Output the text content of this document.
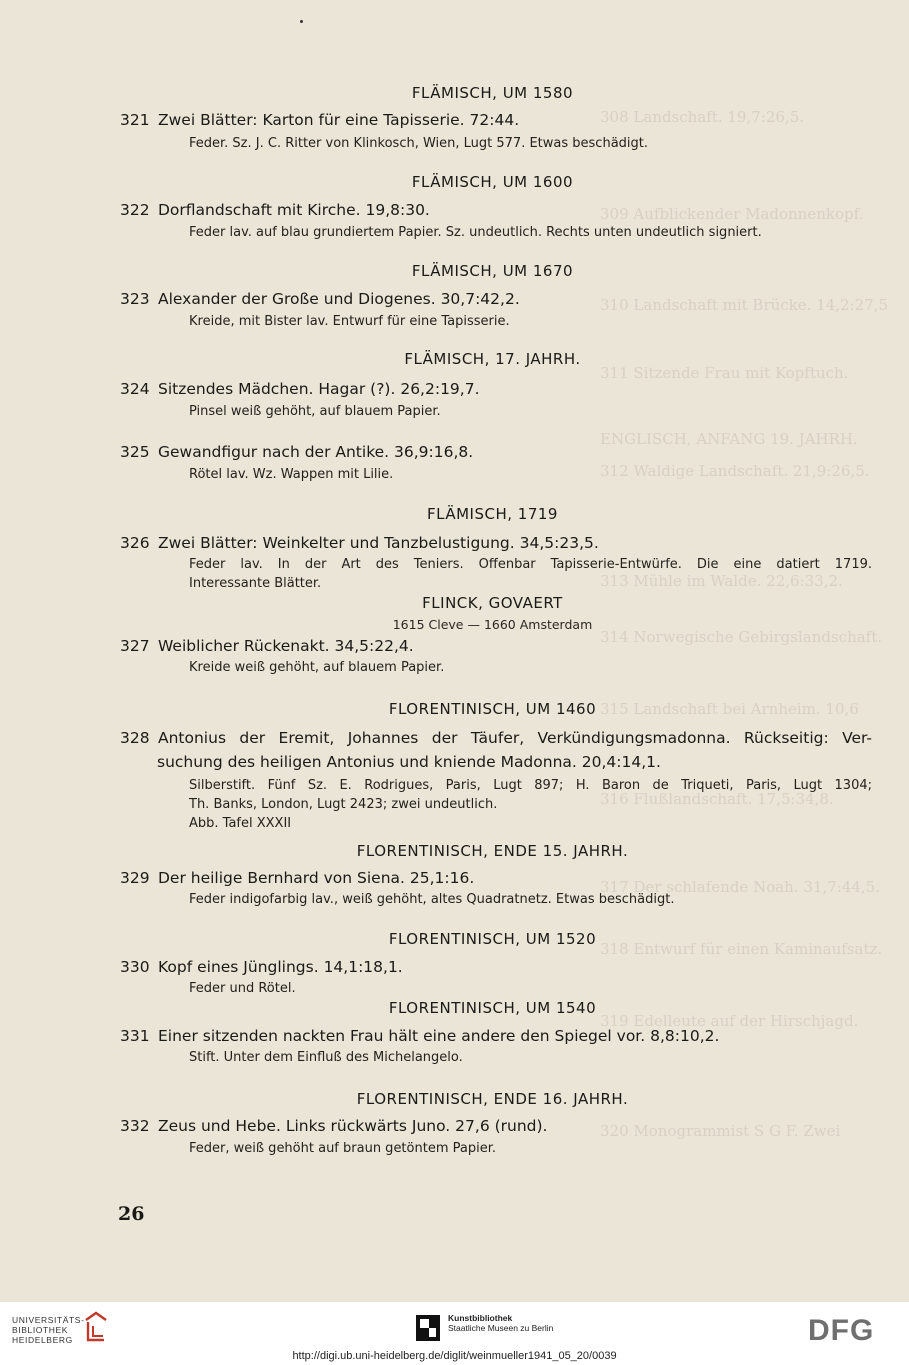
308 Landschaft. 19,7:26,5.
309 Aufblickender Madonnenkopf.
310 Landschaft mit Brücke. 14,2:27,5
311 Sitzende Frau mit Kopftuch.
ENGLISCH, ANFANG 19. JAHRH.
312 Waldige Landschaft. 21,9:26,5.
313 Mühle im Walde. 22,6:33,2.
314 Norwegische Gebirgslandschaft.
315 Landschaft bei Arnheim. 10,6
316 Flußlandschaft. 17,5:34,8.
317 Der schlafende Noah. 31,7:44,5.
318 Entwurf für einen Kaminaufsatz.
319 Edelleute auf der Hirschjagd.
320 Monogrammist S G F. Zwei
FLÄMISCH, UM 1580
321 Zwei Blätter: Karton für eine Tapisserie. 72:44.
Feder. Sz. J. C. Ritter von Klinkosch, Wien, Lugt 577. Etwas beschädigt.
FLÄMISCH, UM 1600
322 Dorflandschaft mit Kirche. 19,8:30.
Feder lav. auf blau grundiertem Papier. Sz. undeutlich. Rechts unten undeutlich signiert.
FLÄMISCH, UM 1670
323 Alexander der Große und Diogenes. 30,7:42,2.
Kreide, mit Bister lav. Entwurf für eine Tapisserie.
FLÄMISCH, 17. JAHRH.
324 Sitzendes Mädchen. Hagar (?). 26,2:19,7.
Pinsel weiß gehöht, auf blauem Papier.
325 Gewandfigur nach der Antike. 36,9:16,8.
Rötel lav. Wz. Wappen mit Lilie.
FLÄMISCH, 1719
326 Zwei Blätter: Weinkelter und Tanzbelustigung. 34,5:23,5.
Feder lav. In der Art des Teniers. Offenbar Tapisserie-Entwürfe. Die eine datiert 1719.
Interessante Blätter.
FLINCK, GOVAERT
1615 Cleve — 1660 Amsterdam
327 Weiblicher Rückenakt. 34,5:22,4.
Kreide weiß gehöht, auf blauem Papier.
FLORENTINISCH, UM 1460
328 Antonius der Eremit, Johannes der Täufer, Verkündigungsmadonna. Rückseitig: Ver-
suchung des heiligen Antonius und kniende Madonna. 20,4:14,1.
Silberstift. Fünf Sz. E. Rodrigues, Paris, Lugt 897; H. Baron de Triqueti, Paris, Lugt 1304;
Th. Banks, London, Lugt 2423; zwei undeutlich.
Abb. Tafel XXXII
FLORENTINISCH, ENDE 15. JAHRH.
329 Der heilige Bernhard von Siena. 25,1:16.
Feder indigofarbig lav., weiß gehöht, altes Quadratnetz. Etwas beschädigt.
FLORENTINISCH, UM 1520
330 Kopf eines Jünglings. 14,1:18,1.
Feder und Rötel.
FLORENTINISCH, UM 1540
331 Einer sitzenden nackten Frau hält eine andere den Spiegel vor. 8,8:10,2.
Stift. Unter dem Einfluß des Michelangelo.
FLORENTINISCH, ENDE 16. JAHRH.
332 Zeus und Hebe. Links rückwärts Juno. 27,6 (rund).
Feder, weiß gehöht auf braun getöntem Papier.
26
UNIVERSITÄTS-
BIBLIOTHEK
HEIDELBERG
Kunstbibliothek
Staatliche Museen zu Berlin	DFG
http://digi.ub.uni-heidelberg.de/diglit/weinmueller1941_05_20/0039
